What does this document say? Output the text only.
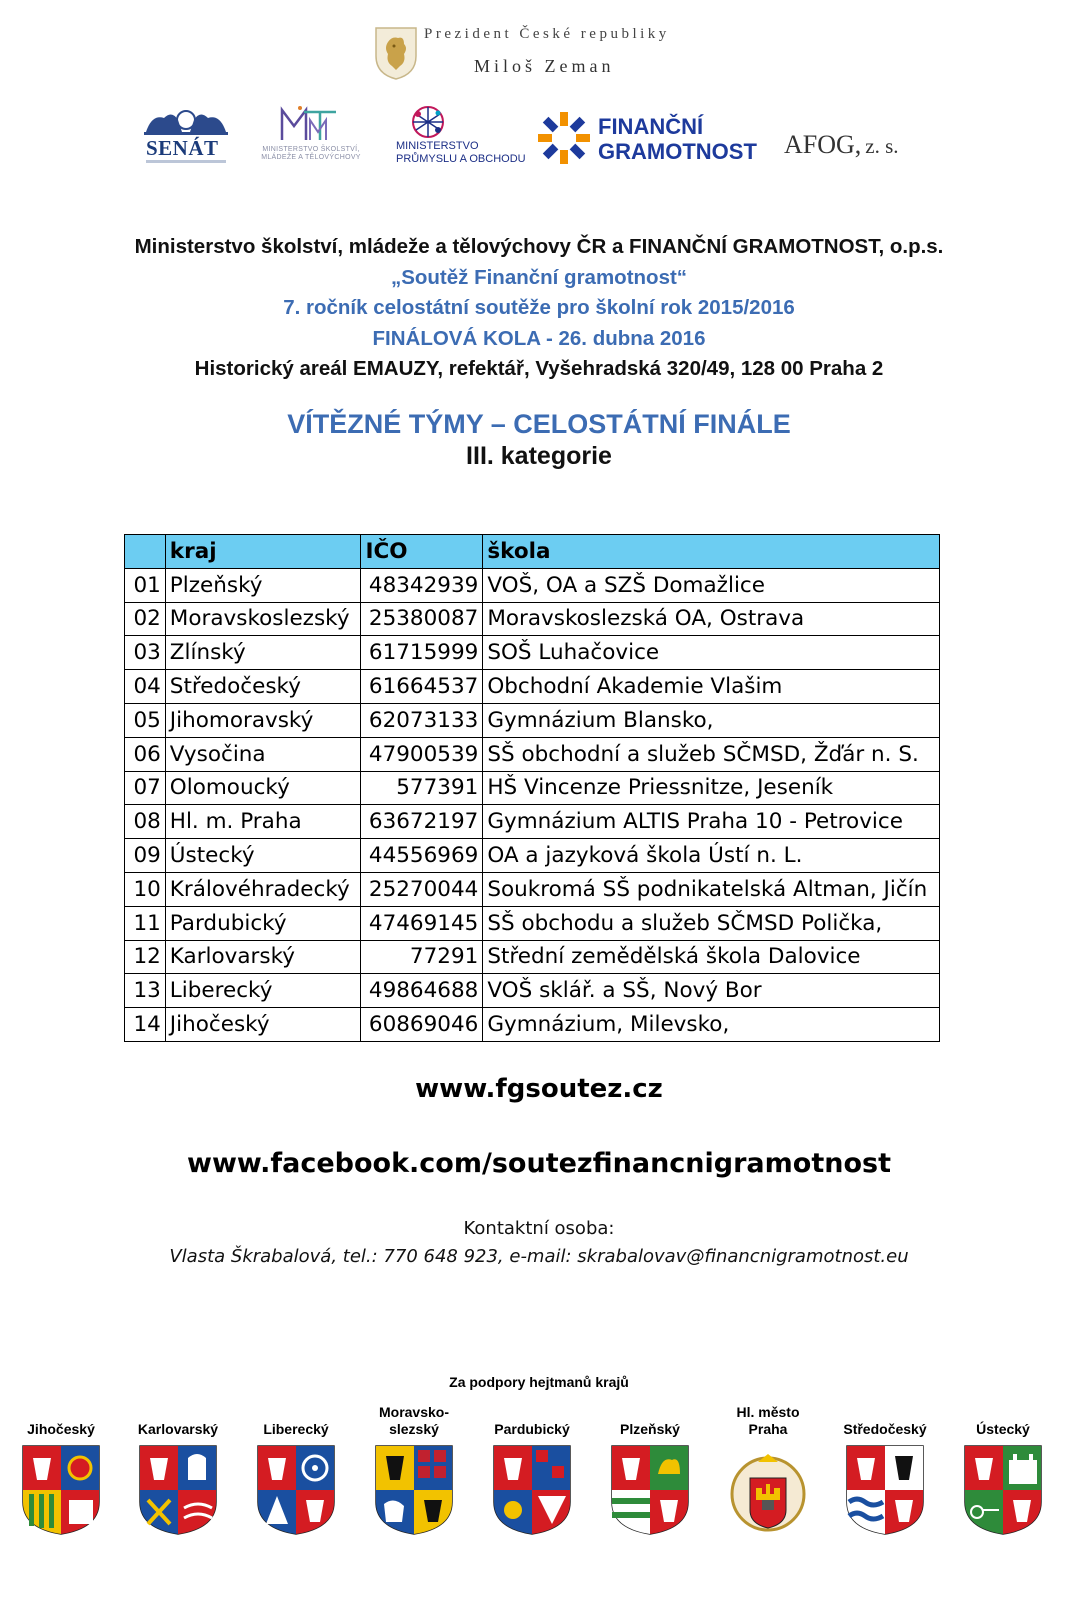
Prezident České republiky
Miloš Zeman
SENÁT	MINISTERSTVO ŠKOLSTVÍ, MLÁDEŽE A TĚLOVÝCHOVY
MINISTERSTVO
PRŮMYSLU A OBCHODU
FINANČNÍ
GRAMOTNOST AFOG, z. s.
Ministerstvo školství, mládeže a tělovýchovy ČR a FINANČNÍ GRAMOTNOST, o.p.s.
„Soutěž Finanční gramotnost“
7. ročník celostátní soutěže pro školní rok 2015/2016
FINÁLOVÁ KOLA - 26. dubna 2016
Historický areál EMAUZY, refektář, Vyšehradská 320/49, 128 00 Praha 2
VÍTĚZNÉ TÝMY – CELOSTÁTNÍ FINÁLE
III. kategorie
	kraj	IČO	škola
01	Plzeňský	48342939	VOŠ, OA a SZŠ Domažlice
02	Moravskoslezský	25380087	Moravskoslezská OA, Ostrava
03	Zlínský	61715999	SOŠ Luhačovice
04	Středočeský	61664537	Obchodní Akademie Vlašim
05	Jihomoravský	62073133	Gymnázium Blansko,
06	Vysočina	47900539	SŠ obchodní a služeb SČMSD, Žďár n. S.
07	Olomoucký	577391	HŠ Vincenze Priessnitze, Jeseník
08	Hl. m. Praha	63672197	Gymnázium ALTIS Praha 10 - Petrovice
09	Ústecký	44556969	OA a jazyková škola Ústí n. L.
10	Královéhradecký	25270044	Soukromá SŠ podnikatelská Altman, Jičín
11	Pardubický	47469145	SŠ obchodu a služeb SČMSD Polička,
12	Karlovarský	77291	Střední zemědělská škola Dalovice
13	Liberecký	49864688	VOŠ sklář. a SŠ, Nový Bor
14	Jihočeský	60869046	Gymnázium, Milevsko,
www.fgsoutez.cz
www.facebook.com/soutezfinancnigramotnost
Kontaktní osoba:
Vlasta Škrabalová, tel.: 770 648 923, e-mail: skrabalovav@financnigramotnost.eu
Za podpory hejtmanů krajů
Jihočeský	Karlovarský	Liberecký
Moravsko-slezský	Pardubický	Plzeňský
Hl. město Praha	Středočeský	Ústecký
